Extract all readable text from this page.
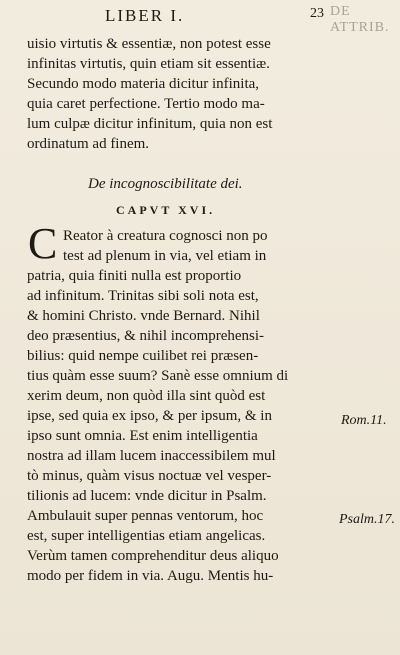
LIBER I.	23 DE ATTRIB.
uisio virtutis & essentiæ, non potest esse
infinitas virtutis, quin etiam sit essentiæ.
Secundo modo materia dicitur infinita,
quia caret perfectione. Tertio modo ma-
lum culpæ dicitur infinitum, quia non est
ordinatum ad finem.
De incognoscibilitate dei.
CAPVT XVI.
C Reator à creatura cognosci non po
test ad plenum in via, vel etiam in
patria, quia finiti nulla est proportio
ad infinitum. Trinitas sibi soli nota est,
& homini Christo. vnde Bernard. Nihil
deo præsentius, & nihil incomprehensi-
bilius: quid nempe cuilibet rei præsen-
tius quàm esse suum? Sanè esse omnium di
xerim deum, non quòd illa sint quòd est
ipse, sed quia ex ipso, & per ipsum, & in
ipso sunt omnia. Est enim intelligentia
nostra ad illam lucem inaccessibilem mul
tò minus, quàm visus noctuæ vel vesper-
tilionis ad lucem: vnde dicitur in Psalm.
Ambulauit super pennas ventorum, hoc
est, super intelligentias etiam angelicas.
Verùm tamen comprehenditur deus aliquo
modo per fidem in via. Augu. Mentis hu-
Rom.11.
Psalm.17.
